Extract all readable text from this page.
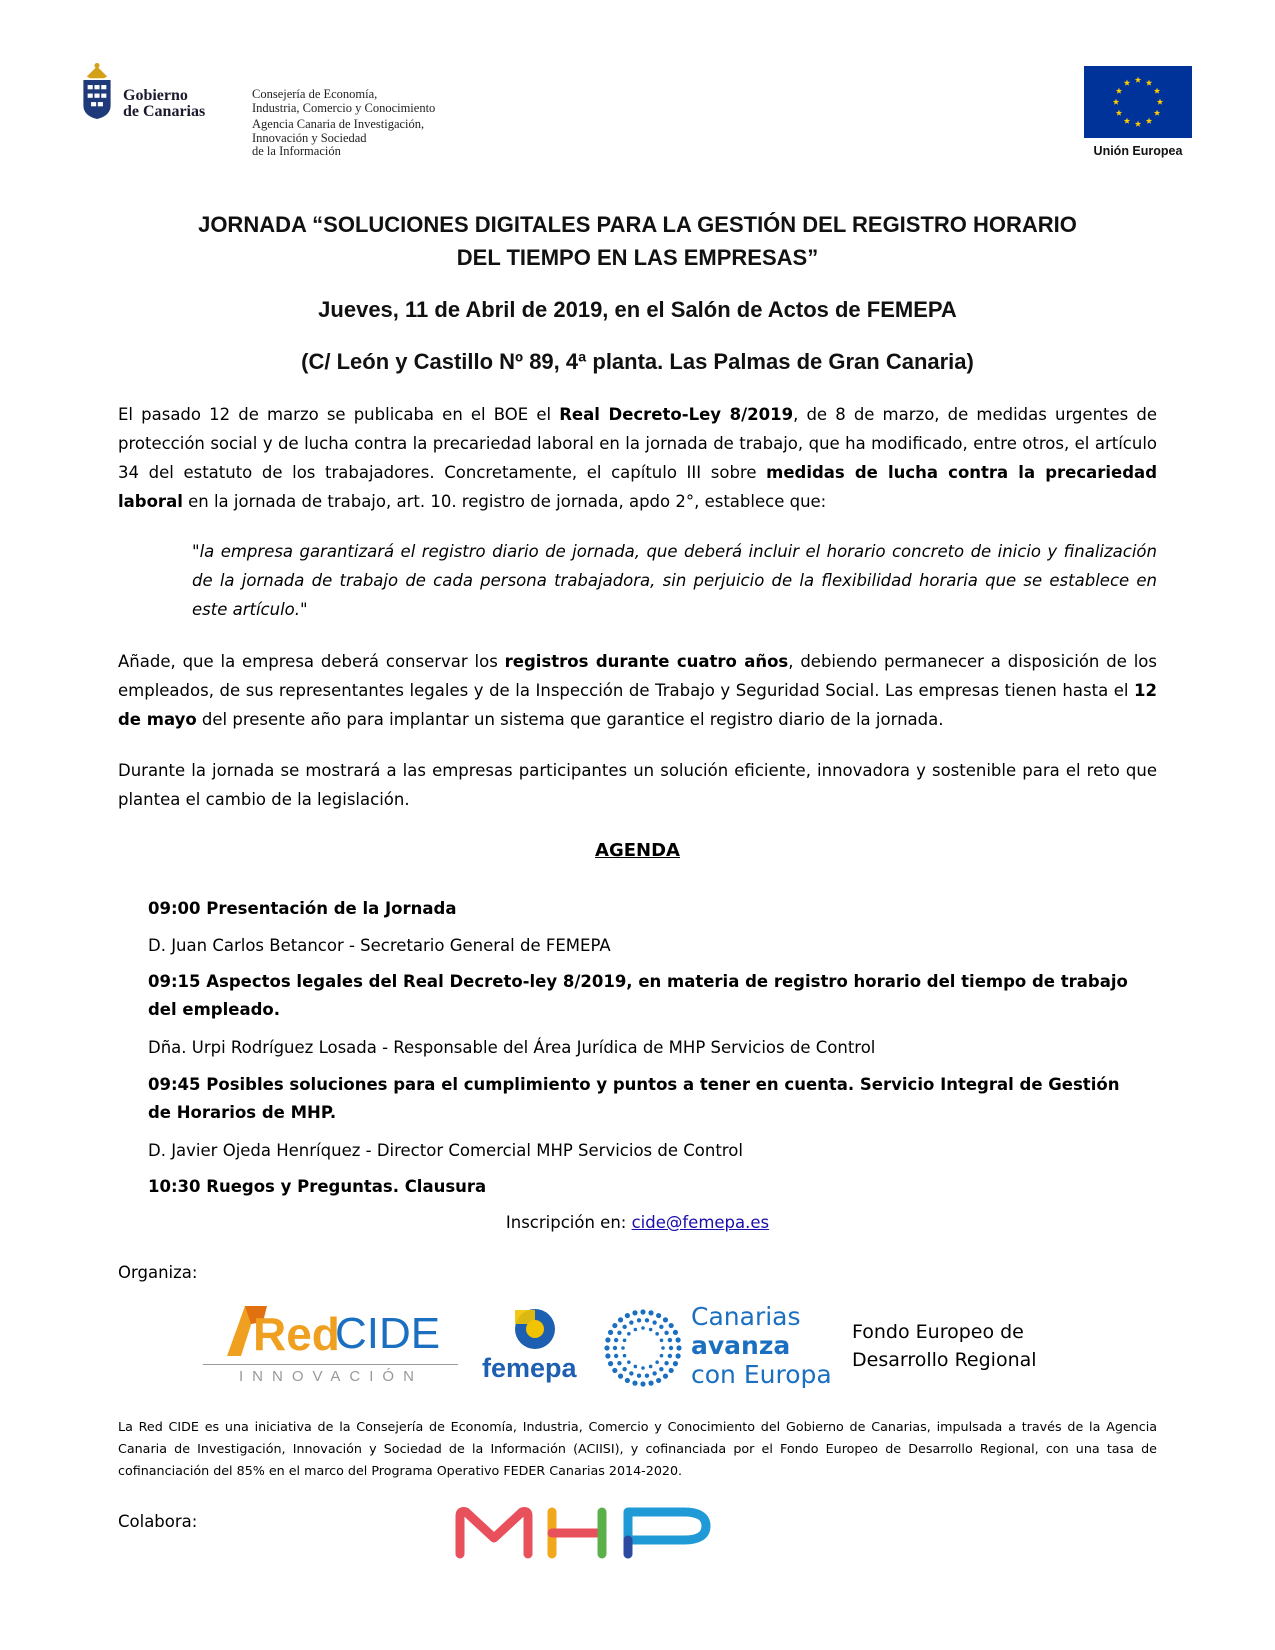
Gobierno
de Canarias
Consejería de Economía,
Industria, Comercio y Conocimiento
Agencia Canaria de Investigación,
Innovación y Sociedad
de la Información	Unión Europea
JORNADA “SOLUCIONES DIGITALES PARA LA GESTIÓN DEL REGISTRO HORARIO
DEL TIEMPO EN LAS EMPRESAS”
Jueves, 11 de Abril de 2019, en el Salón de Actos de FEMEPA
(C/ León y Castillo Nº 89, 4ª planta. Las Palmas de Gran Canaria)
El pasado 12 de marzo se publicaba en el BOE el Real Decreto-Ley 8/2019, de 8 de marzo, de medidas urgentes de protección social y de lucha contra la precariedad laboral en la jornada de trabajo, que ha modificado, entre otros, el artículo 34 del estatuto de los trabajadores. Concretamente, el capítulo III sobre medidas de lucha contra la precariedad laboral en la jornada de trabajo, art. 10. registro de jornada, apdo 2°, establece que:
"la empresa garantizará el registro diario de jornada, que deberá incluir el horario concreto de inicio y finalización de la jornada de trabajo de cada persona trabajadora, sin perjuicio de la flexibilidad horaria que se establece en este artículo."
Añade, que la empresa deberá conservar los registros durante cuatro años, debiendo permanecer a disposición de los empleados, de sus representantes legales y de la Inspección de Trabajo y Seguridad Social. Las empresas tienen hasta el 12 de mayo del presente año para implantar un sistema que garantice el registro diario de la jornada.
Durante la jornada se mostrará a las empresas participantes un solución eficiente, innovadora y sostenible para el reto que plantea el cambio de la legislación.
AGENDA
09:00 Presentación de la Jornada
D. Juan Carlos Betancor - Secretario General de FEMEPA
09:15 Aspectos legales del Real Decreto-ley 8/2019, en materia de registro horario del tiempo de trabajo del empleado.
Dña. Urpi Rodríguez Losada - Responsable del Área Jurídica de MHP Servicios de Control
09:45 Posibles soluciones para el cumplimiento y puntos a tener en cuenta. Servicio Integral de Gestión de Horarios de MHP.
D. Javier Ojeda Henríquez - Director Comercial MHP Servicios de Control
10:30 Ruegos y Preguntas. Clausura
Inscripción en: cide@femepa.es
Organiza:
Red
CIDE
INNOVACIÓN femepa
Canarias
avanza
con Europa
Fondo Europeo de
Desarrollo Regional
La Red CIDE es una iniciativa de la Consejería de Economía, Industria, Comercio y Conocimiento del Gobierno de Canarias, impulsada a través de la Agencia Canaria de Investigación, Innovación y Sociedad de la Información (ACIISI), y cofinanciada por el Fondo Europeo de Desarrollo Regional, con una tasa de cofinanciación del 85% en el marco del Programa Operativo FEDER Canarias 2014-2020.
Colabora:
